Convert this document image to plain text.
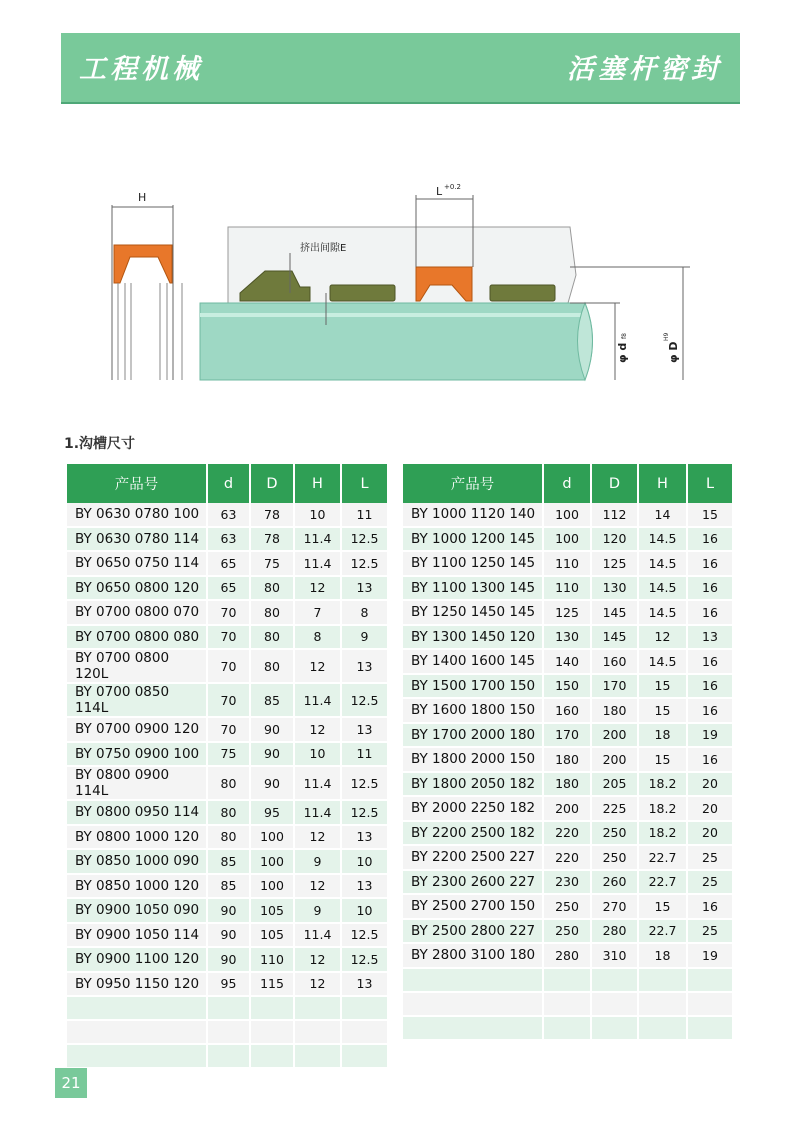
工程机械	活塞杆密封
H	L +0.2
挤出间隙E
φ d
f8
φ D
H9
1.沟槽尺寸
产品号	d	D	H	L
BY 0630 0780 100	63	78	10	11
BY 0630 0780 114	63	78	11.4	12.5
BY 0650 0750 114	65	75	11.4	12.5
BY 0650 0800 120	65	80	12	13
BY 0700 0800 070	70	80	7	8
BY 0700 0800 080	70	80	8	9
BY 0700 0800 120L	70	80	12	13
BY 0700 0850 114L	70	85	11.4	12.5
BY 0700 0900 120	70	90	12	13
BY 0750 0900 100	75	90	10	11
BY 0800 0900 114L	80	90	11.4	12.5
BY 0800 0950 114	80	95	11.4	12.5
BY 0800 1000 120	80	100	12	13
BY 0850 1000 090	85	100	9	10
BY 0850 1000 120	85	100	12	13
BY 0900 1050 090	90	105	9	10
BY 0900 1050 114	90	105	11.4	12.5
BY 0900 1100 120	90	110	12	12.5
BY 0950 1150 120	95	115	12	13

产品号	d	D	H	L
BY 1000 1120 140	100	112	14	15
BY 1000 1200 145	100	120	14.5	16
BY 1100 1250 145	110	125	14.5	16
BY 1100 1300 145	110	130	14.5	16
BY 1250 1450 145	125	145	14.5	16
BY 1300 1450 120	130	145	12	13
BY 1400 1600 145	140	160	14.5	16
BY 1500 1700 150	150	170	15	16
BY 1600 1800 150	160	180	15	16
BY 1700 2000 180	170	200	18	19
BY 1800 2000 150	180	200	15	16
BY 1800 2050 182	180	205	18.2	20
BY 2000 2250 182	200	225	18.2	20
BY 2200 2500 182	220	250	18.2	20
BY 2200 2500 227	220	250	22.7	25
BY 2300 2600 227	230	260	22.7	25
BY 2500 2700 150	250	270	15	16
BY 2500 2800 227	250	280	22.7	25
BY 2800 3100 180	280	310	18	19

21
